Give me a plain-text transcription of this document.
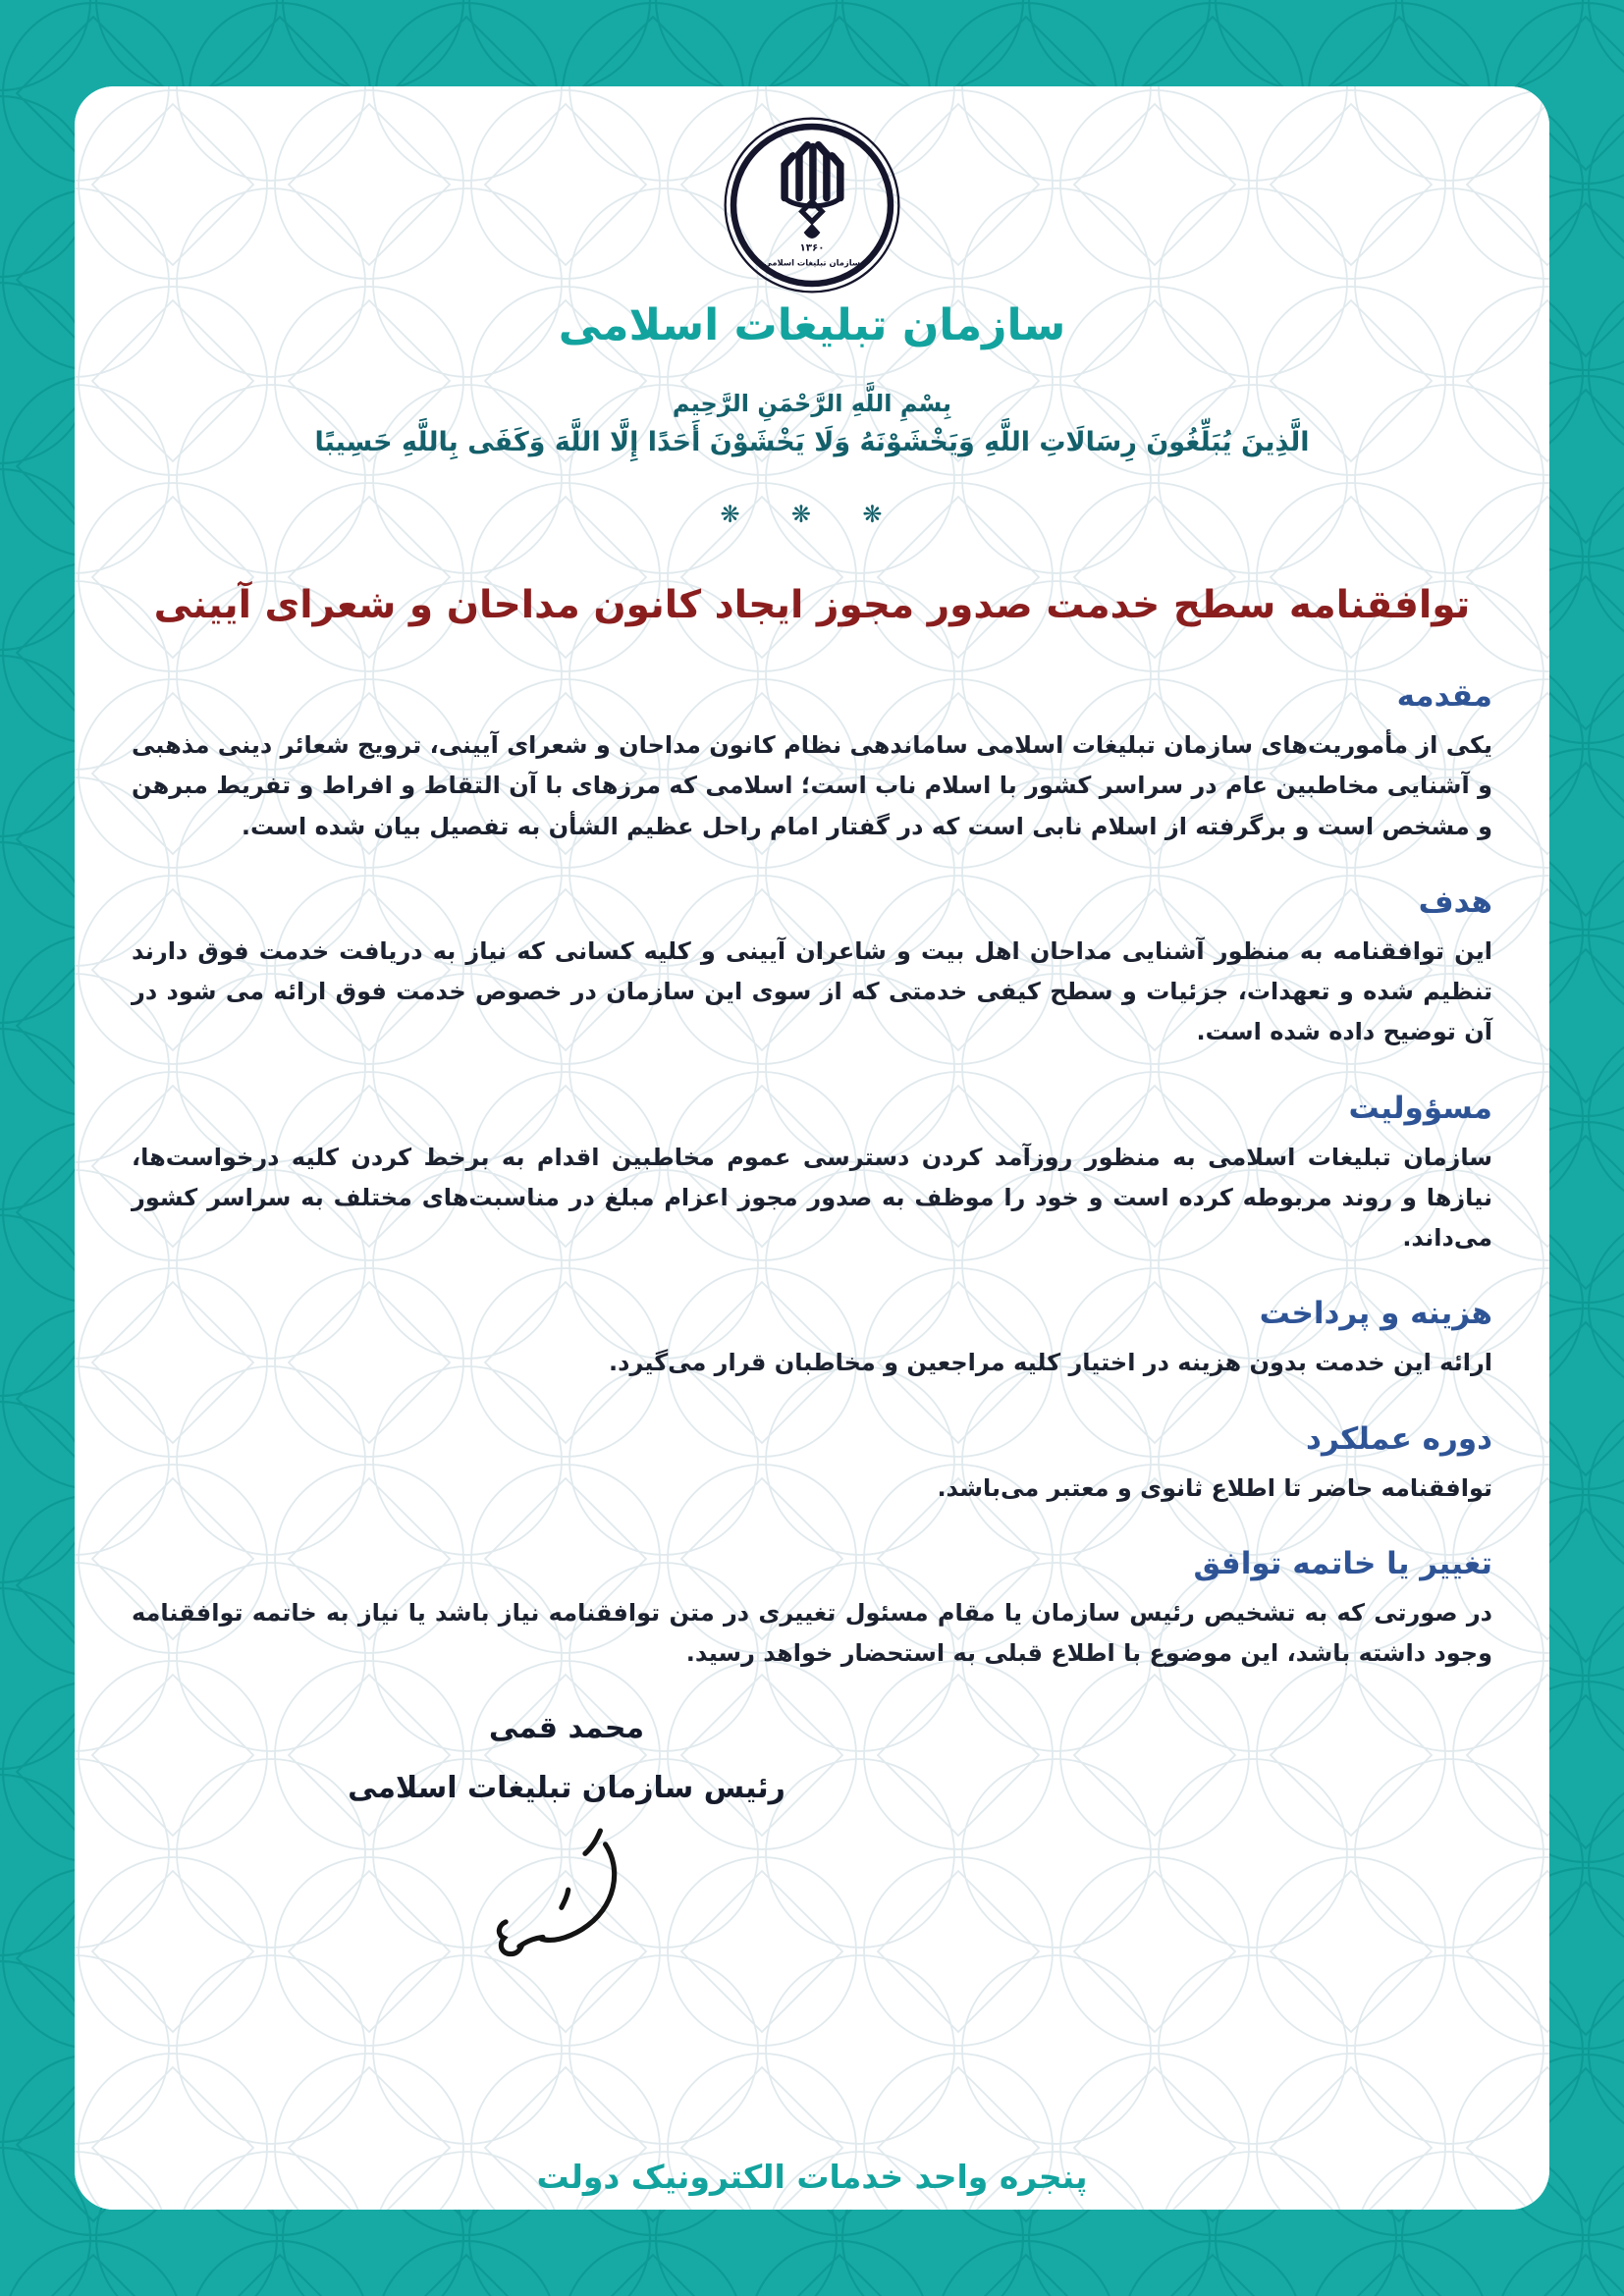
۱۳۶۰
سازمان تبلیغات اسلامی
سازمان تبلیغات اسلامی
بِسْمِ اللَّهِ الرَّحْمَنِ الرَّحِيم
الَّذِينَ يُبَلِّغُونَ رِسَالَاتِ اللَّهِ وَيَخْشَوْنَهُ وَلَا يَخْشَوْنَ أَحَدًا إِلَّا اللَّهَ وَكَفَى بِاللَّهِ حَسِيبًا
❋ ❋ ❋
توافقنامه سطح خدمت صدور مجوز ایجاد کانون مداحان و شعرای آیینی
مقدمه

یکی از مأموریت‌های سازمان تبلیغات اسلامی ساماندهی نظام کانون مداحان و شعرای آیینی، ترویج شعائر دینی مذهبی و آشنایی مخاطبین عام در سراسر کشور با اسلام ناب است؛ اسلامی که مرزهای با آن التقاط و افراط و تفریط مبرهن و مشخص است و برگرفته از اسلام نابی است که در گفتار امام راحل عظیم الشأن به تفصیل بیان شده است.

هدف

این توافقنامه به منظور آشنایی مداحان اهل بیت و شاعران آیینی و کلیه کسانی که نیاز به دریافت خدمت فوق دارند تنظیم شده و تعهدات، جزئیات و سطح کیفی خدمتی که از سوی این سازمان در خصوص خدمت فوق ارائه می شود در آن توضیح داده شده است.

مسؤولیت

سازمان تبلیغات اسلامی به منظور روزآمد کردن دسترسی عموم مخاطبین اقدام به برخط کردن کلیه درخواست‌ها، نیازها و روند مربوطه کرده است و خود را موظف به صدور مجوز اعزام مبلغ در مناسبت‌های مختلف به سراسر کشور می‌داند.

هزینه و پرداخت

ارائه این خدمت بدون هزینه در اختیار کلیه مراجعین و مخاطبان قرار می‌گیرد.

دوره عملکرد

توافقنامه حاضر تا اطلاع ثانوی و معتبر می‌باشد.

تغییر یا خاتمه توافق

در صورتی که به تشخیص رئیس سازمان یا مقام مسئول تغییری در متن توافقنامه نیاز باشد یا نیاز به خاتمه توافقنامه وجود داشته باشد، این موضوع با اطلاع قبلی به استحضار خواهد رسید.

محمد قمی
رئیس سازمان تبلیغات اسلامی
پنجره واحد خدمات الکترونیک دولت
